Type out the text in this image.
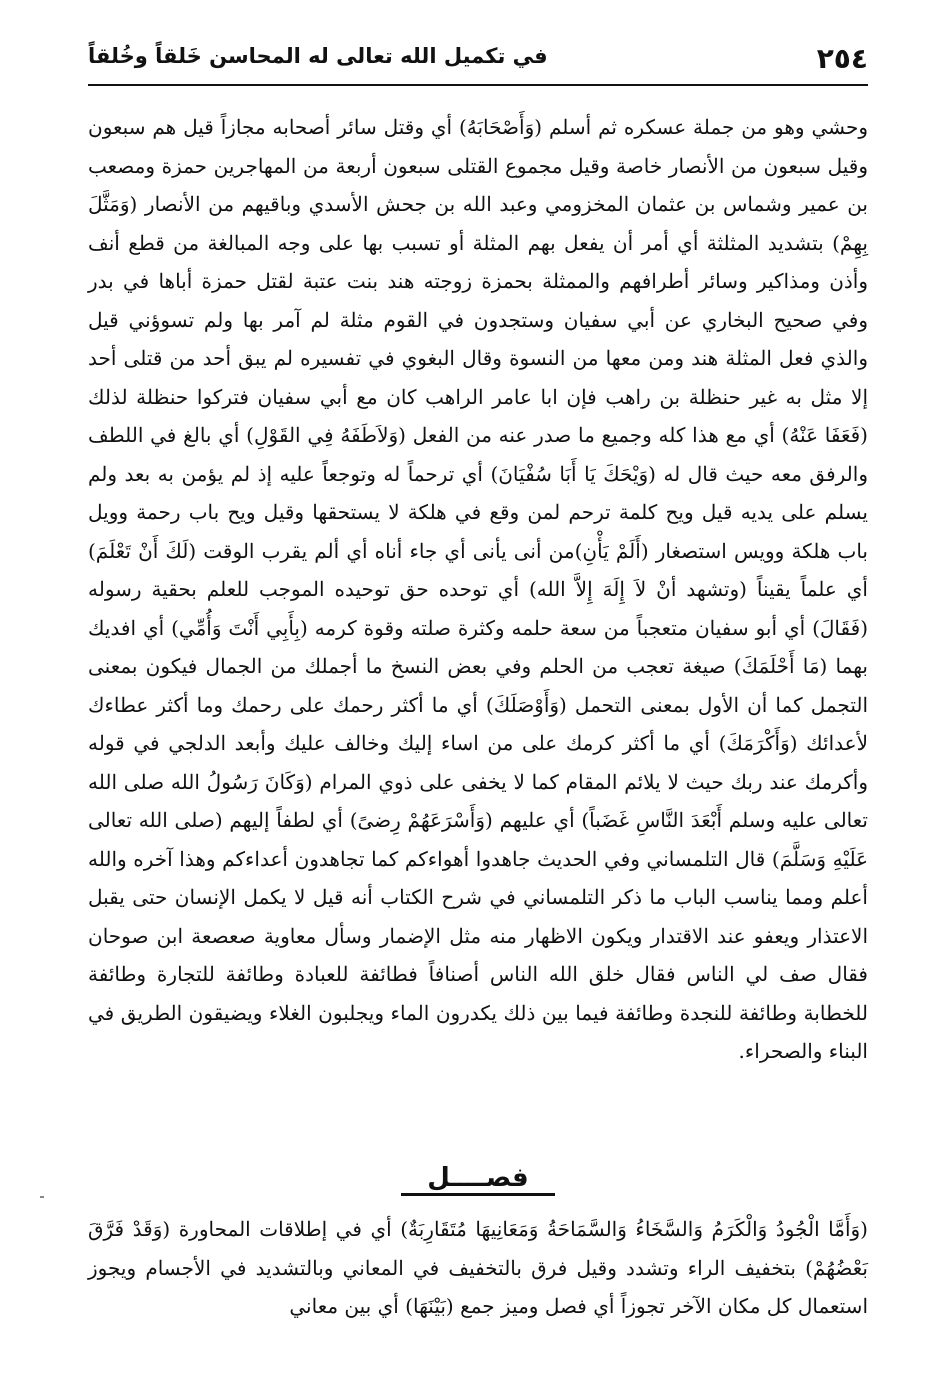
٢٥٤
في تكميل الله تعالى له المحاسن خَلقاً وخُلقاً

وحشي وهو من جملة عسكره ثم أسلم (وَأَصْحَابَهُ) أي وقتل سائر أصحابه مجازاً قيل هم سبعون وقيل سبعون من الأنصار خاصة وقيل مجموع القتلى سبعون أربعة من المهاجرين حمزة ومصعب بن عمير وشماس بن عثمان المخزومي وعبد الله بن جحش الأسدي وباقيهم من الأنصار (وَمَثَّلَ بِهِمْ) بتشديد المثلثة أي أمر أن يفعل بهم المثلة أو تسبب بها على وجه المبالغة من قطع أنف وأذن ومذاكير وسائر أطرافهم والممثلة بحمزة زوجته هند بنت عتبة لقتل حمزة أباها في بدر وفي صحيح البخاري عن أبي سفيان وستجدون في القوم مثلة لم آمر بها ولم تسوؤني قيل والذي فعل المثلة هند ومن معها من النسوة وقال البغوي في تفسيره لم يبق أحد من قتلى أحد إلا مثل به غير حنظلة بن راهب فإن ابا عامر الراهب كان مع أبي سفيان فتركوا حنظلة لذلك (فَعَفَا عَنْهُ) أي مع هذا كله وجميع ما صدر عنه من الفعل (وَلاَطَفَهُ فِي القَوْلِ) أي بالغ في اللطف والرفق معه حيث قال له (وَيْحَكَ يَا أَبَا سُفْيَانَ) أي ترحماً له وتوجعاً عليه إذ لم يؤمن به بعد ولم يسلم على يديه قيل ويح كلمة ترحم لمن وقع في هلكة لا يستحقها وقيل ويح باب رحمة وويل باب هلكة وويس استصغار (أَلَمْ يَأْنِ)من أنى يأنى أي جاء أناه أي ألم يقرب الوقت (لَكَ أَنْ تَعْلَمَ) أي علماً يقيناً (وتشهد أنْ لاَ إِلَهَ إِلاَّ الله) أي توحده حق توحيده الموجب للعلم بحقية رسوله (فَقَالَ) أي أبو سفيان متعجباً من سعة حلمه وكثرة صلته وقوة كرمه (بِأَبِي أَنْتَ وَأُمِّي) أي افديك بهما (مَا أَحْلَمَكَ) صيغة تعجب من الحلم وفي بعض النسخ ما أجملك من الجمال فيكون بمعنى التجمل كما أن الأول بمعنى التحمل (وَأَوْصَلَكَ) أي ما أكثر رحمك على رحمك وما أكثر عطاءك لأعدائك (وَأَكْرَمَكَ) أي ما أكثر كرمك على من اساء إليك وخالف عليك وأبعد الدلجي في قوله وأكرمك عند ربك حيث لا يلائم المقام كما لا يخفى على ذوي المرام (وَكَانَ رَسُولُ الله صلى الله تعالى عليه وسلم أَبْعَدَ النَّاسِ غَضَباً) أي عليهم (وَأَسْرَعَهُمْ رِضىً) أي لطفاً إليهم (صلى الله تعالى عَلَيْهِ وَسَلَّمَ) قال التلمساني وفي الحديث جاهدوا أهواءكم كما تجاهدون أعداءكم وهذا آخره والله أعلم ومما يناسب الباب ما ذكر التلمساني في شرح الكتاب أنه قيل لا يكمل الإنسان حتى يقبل الاعتذار ويعفو عند الاقتدار ويكون الاظهار منه مثل الإضمار وسأل معاوية صعصعة ابن صوحان فقال صف لي الناس فقال خلق الله الناس أصنافاً فطائفة للعبادة وطائفة للتجارة وطائفة للخطابة وطائفة للنجدة وطائفة فيما بين ذلك يكدرون الماء ويجلبون الغلاء ويضيقون الطريق في البناء والصحراء.

فصــــل

(وَأَمَّا الْجُودُ وَالْكَرَمُ وَالسَّخَاءُ وَالسَّمَاحَةُ وَمَعَانِيهَا مُتَقَارِبَةٌ) أي في إطلاقات المحاورة (وَقَدْ فَرَّقَ بَعْضُهُمْ) بتخفيف الراء وتشدد وقيل فرق بالتخفيف في المعاني وبالتشديد في الأجسام ويجوز استعمال كل مكان الآخر تجوزاً أي فصل وميز جمع (بَيْنَهَا) أي بين معاني
